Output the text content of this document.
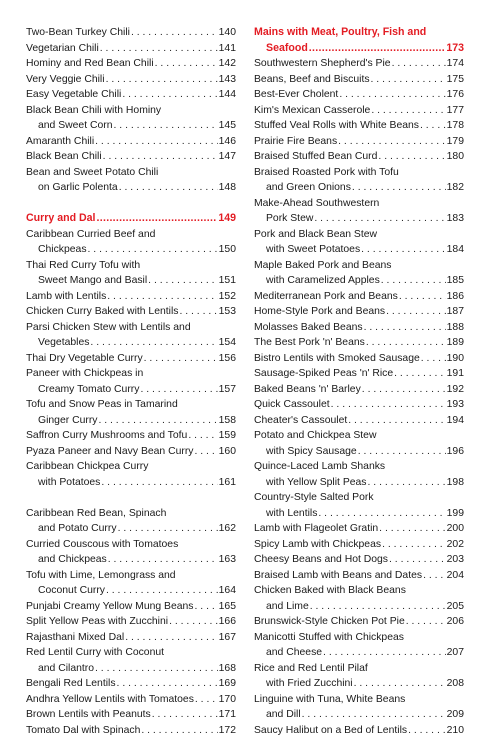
Two-Bean Turkey Chili . . .	140
Vegetarian Chili . . .	141
Hominy and Red Bean Chili . . .	142
Very Veggie Chili . . .	143
Easy Vegetable Chili . . .	144
Black Bean Chili with Hominy
and Sweet Corn . . .	145
Amaranth Chili . . .	146
Black Bean Chili . . .	147
Bean and Sweet Potato Chili
on Garlic Polenta . . .	148
Curry and Dal .....	149
Caribbean Curried Beef and
Chickpeas . . .	150
Thai Red Curry Tofu with
Sweet Mango and Basil . . .	151
Lamb with Lentils . . .	152
Chicken Curry Baked with Lentils . . .	153
Parsi Chicken Stew with Lentils and
Vegetables . . .	154
Thai Dry Vegetable Curry . . .	156
Paneer with Chickpeas in
Creamy Tomato Curry . . .	157
Tofu and Snow Peas in Tamarind
Ginger Curry . . .	158
Saffron Curry Mushrooms and Tofu . . .	159
Pyaza Paneer and Navy Bean Curry . . . 160
Caribbean Chickpea Curry
with Potatoes . . .	161
Caribbean Red Bean, Spinach
and Potato Curry . . .	162
Curried Couscous with Tomatoes
and Chickpeas . . .	163
Tofu with Lime, Lemongrass and
Coconut Curry . . .	164
Punjabi Creamy Yellow Mung Beans . . . 165
Split Yellow Peas with Zucchini . . .	166
Rajasthani Mixed Dal . . .	167
Red Lentil Curry with Coconut
and Cilantro . . .	168
Bengali Red Lentils . . .	169
Andhra Yellow Lentils with Tomatoes . . . 170
Brown Lentils with Peanuts . . .	171
Tomato Dal with Spinach . . .	172
Mains with Meat, Poultry, Fish and
Seafood .....	173
Southwestern Shepherd's Pie . . .	174
Beans, Beef and Biscuits . . .	175
Best-Ever Cholent . . .	176
Kim's Mexican Casserole . . .	177
Stuffed Veal Rolls with White Beans . . .	178
Prairie Fire Beans . . .	179
Braised Stuffed Bean Curd . . .	180
Braised Roasted Pork with Tofu
and Green Onions . . .	182
Make-Ahead Southwestern
Pork Stew . . .	183
Pork and Black Bean Stew
with Sweet Potatoes . . .	184
Maple Baked Pork and Beans
with Caramelized Apples . . .	185
Mediterranean Pork and Beans . . .	186
Home-Style Pork and Beans . . .	187
Molasses Baked Beans . . .	188
The Best Pork 'n' Beans . . .	189
Bistro Lentils with Smoked Sausage . . .	190
Sausage-Spiked Peas 'n' Rice . . .	191
Baked Beans 'n' Barley . . .	192
Quick Cassoulet . . .	193
Cheater's Cassoulet . . .	194
Potato and Chickpea Stew
with Spicy Sausage . . .	196
Quince-Laced Lamb Shanks
with Yellow Split Peas . . .	198
Country-Style Salted Pork
with Lentils . . .	199
Lamb with Flageolet Gratin . . .	200
Spicy Lamb with Chickpeas . . .	202
Cheesy Beans and Hot Dogs . . .	203
Braised Lamb with Beans and Dates . . . 204
Chicken Baked with Black Beans
and Lime . . .	205
Brunswick-Style Chicken Pot Pie . . .	206
Manicotti Stuffed with Chickpeas
and Cheese . . .	207
Rice and Red Lentil Pilaf
with Fried Zucchini . . .	208
Linguine with Tuna, White Beans
and Dill . . .	209
Saucy Halibut on a Bed of Lentils . . .	210
